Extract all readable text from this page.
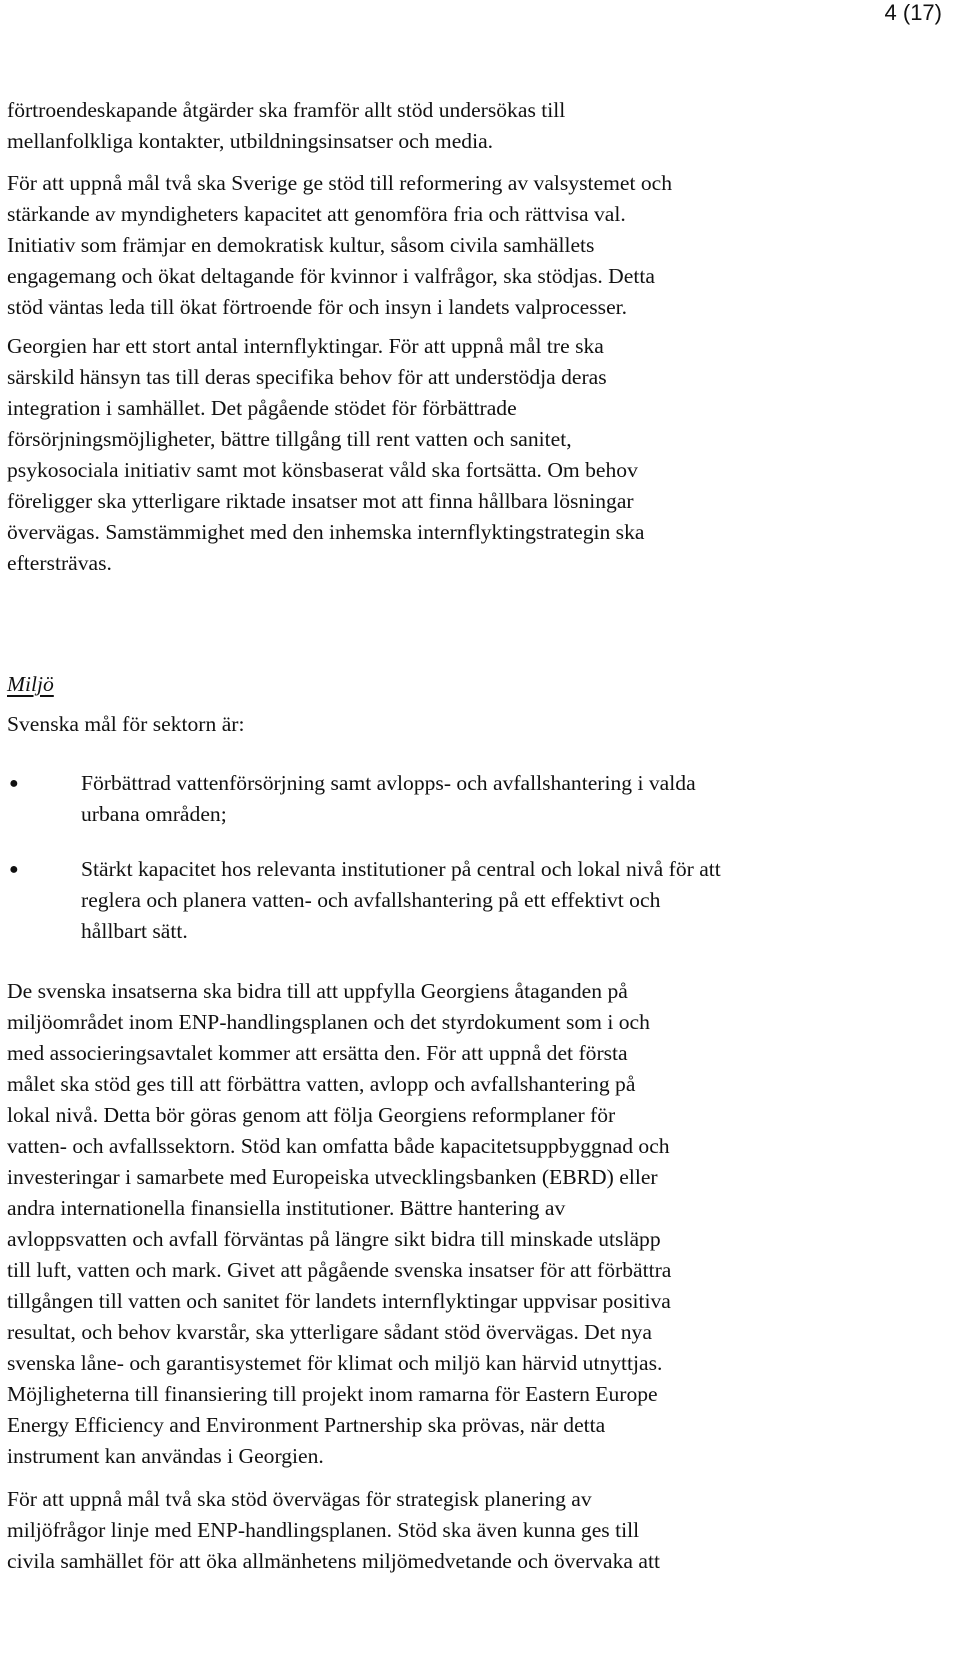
4 (17)

förtroendeskapande åtgärder ska framför allt stöd undersökas till
mellanfolkliga kontakter, utbildningsinsatser och media.

För att uppnå mål två ska Sverige ge stöd till reformering av valsystemet och
stärkande av myndigheters kapacitet att genomföra fria och rättvisa val.
Initiativ som främjar en demokratisk kultur, såsom civila samhällets
engagemang och ökat deltagande för kvinnor i valfrågor, ska stödjas. Detta
stöd väntas leda till ökat förtroende för och insyn i landets valprocesser.

Georgien har ett stort antal internflyktingar. För att uppnå mål tre ska
särskild hänsyn tas till deras specifika behov för att understödja deras
integration i samhället. Det pågående stödet för förbättrade
försörjningsmöjligheter, bättre tillgång till rent vatten och sanitet,
psykosociala initiativ samt mot könsbaserat våld ska fortsätta. Om behov
föreligger ska ytterligare riktade insatser mot att finna hållbara lösningar
övervägas. Samstämmighet med den inhemska internflyktingstrategin ska
eftersträvas.

Miljö
Svenska mål för sektorn är:
●	Förbättrad vattenförsörjning samt avlopps- och avfallshantering i valda
urbana områden;
●	Stärkt kapacitet hos relevanta institutioner på central och lokal nivå för att
reglera och planera vatten- och avfallshantering på ett effektivt och
hållbart sätt.

De svenska insatserna ska bidra till att uppfylla Georgiens åtaganden på
miljöområdet inom ENP-handlingsplanen och det styrdokument som i och
med associeringsavtalet kommer att ersätta den. För att uppnå det första
målet ska stöd ges till att förbättra vatten, avlopp och avfallshantering på
lokal nivå. Detta bör göras genom att följa Georgiens reformplaner för
vatten- och avfallssektorn. Stöd kan omfatta både kapacitetsuppbyggnad och
investeringar i samarbete med Europeiska utvecklingsbanken (EBRD) eller
andra internationella finansiella institutioner. Bättre hantering av
avloppsvatten och avfall förväntas på längre sikt bidra till minskade utsläpp
till luft, vatten och mark. Givet att pågående svenska insatser för att förbättra
tillgången till vatten och sanitet för landets internflyktingar uppvisar positiva
resultat, och behov kvarstår, ska ytterligare sådant stöd övervägas. Det nya
svenska låne- och garantisystemet för klimat och miljö kan härvid utnyttjas.
Möjligheterna till finansiering till projekt inom ramarna för Eastern Europe
Energy Efficiency and Environment Partnership ska prövas, när detta
instrument kan användas i Georgien.

För att uppnå mål två ska stöd övervägas för strategisk planering av
miljöfrågor linje med ENP-handlingsplanen. Stöd ska även kunna ges till
civila samhället för att öka allmänhetens miljömedvetande och övervaka att
